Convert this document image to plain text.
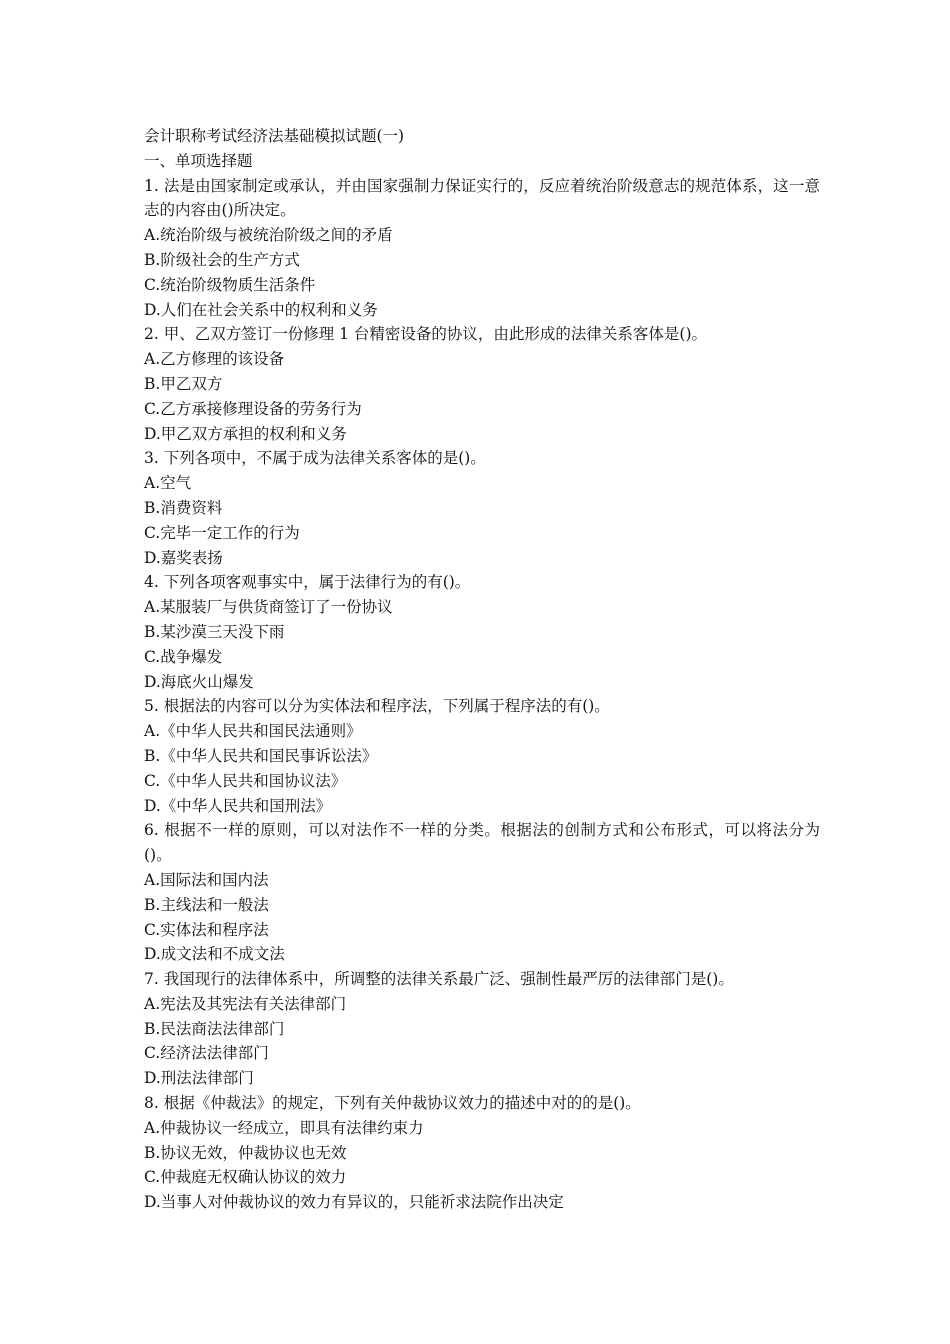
会计职称考试经济法基础模拟试题(一)
一、单项选择题
1. 法是由国家制定或承认，并由国家强制力保证实行的，反应着统治阶级意志的规范体系，这一意志的内容由()所决定。
A.统治阶级与被统治阶级之间的矛盾
B.阶级社会的生产方式
C.统治阶级物质生活条件
D.人们在社会关系中的权利和义务
2. 甲、乙双方签订一份修理 1 台精密设备的协议，由此形成的法律关系客体是()。
A.乙方修理的该设备
B.甲乙双方
C.乙方承接修理设备的劳务行为
D.甲乙双方承担的权利和义务
3. 下列各项中，不属于成为法律关系客体的是()。
A.空气
B.消费资料
C.完毕一定工作的行为
D.嘉奖表扬
4. 下列各项客观事实中，属于法律行为的有()。
A.某服装厂与供货商签订了一份协议
B.某沙漠三天没下雨
C.战争爆发
D.海底火山爆发
5. 根据法的内容可以分为实体法和程序法，下列属于程序法的有()。
A.《中华人民共和国民法通则》
B.《中华人民共和国民事诉讼法》
C.《中华人民共和国协议法》
D.《中华人民共和国刑法》
6. 根据不一样的原则，可以对法作不一样的分类。根据法的创制方式和公布形式，可以将法分为()。
A.国际法和国内法
B.主线法和一般法
C.实体法和程序法
D.成文法和不成文法
7. 我国现行的法律体系中，所调整的法律关系最广泛、强制性最严厉的法律部门是()。
A.宪法及其宪法有关法律部门
B.民法商法法律部门
C.经济法法律部门
D.刑法法律部门
8. 根据《仲裁法》的规定，下列有关仲裁协议效力的描述中对的的是()。
A.仲裁协议一经成立，即具有法律约束力
B.协议无效，仲裁协议也无效
C.仲裁庭无权确认协议的效力
D.当事人对仲裁协议的效力有异议的，只能祈求法院作出决定
